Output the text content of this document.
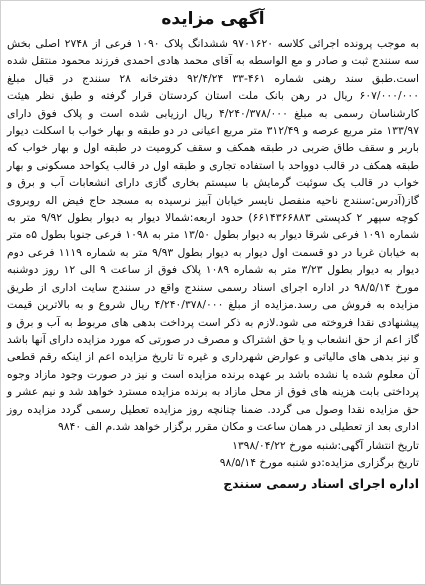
آگهی مزایده

به موجب پرونده اجرائی کلاسه ۹۷۰۱۶۲۰ ششدانگ پلاک ۱۰۹۰ فرعی از ۲۷۴۸ اصلی بخش سه سنندج ثبت و صادر و مع الواسطه به آقای محمد هادی احمدی فرزند محمود منتقل شده است.طبق سند رهنی شماره ۴۶۱-۳۳ ۹۲/۴/۲۴ دفترخانه ۲۸ سنندج در قبال مبلغ ۶۰۷/۰۰۰/۰۰۰ ریال در رهن بانک ملت استان کردستان قرار گرفته و طبق نظر هیئت کارشناسان رسمی به مبلغ ۴/۲۴۰/۳۷۸/۰۰۰ ریال ارزیابی شده است و پلاک فوق دارای ۱۳۳/۹۷ متر مربع عرصه و ۳۱۲/۴۹ متر مربع اعیانی در دو طبقه و بهار خواب با اسکلت دیوار باربر و سقف طاق ضربی در طبقه همکف و سقف کرومیت در طبقه اول و بهار خواب که طبقه همکف در قالب دوواحد با استفاده تجاری و طبقه اول در قالب یکواحد مسکونی و بهار خواب در قالب یک سوئیت گرمایش با سیستم بخاری گازی دارای انشعابات آب و برق و گاز(آدرس:سنندج ناحیه منفصل نایسر خیابان آبیز نرسیده به مسجد حاج فیض اله روبروی کوچه سپهر ۲ کدپستی ۶۶۱۴۳۶۶۸۸۳) حدود اربعه:شمالا دیوار به دیوار بطول ۹/۹۲ متر به شماره ۱۰۹۱ فرعی شرقا دیوار به دیوار بطول ۱۳/۵۰ متر به ۱۰۹۸ فرعی جنوبا بطول ۵ه متر به خیابان غربا در دو قسمت اول دیوار به دیوار بطول ۹/۹۳ متر به شماره ۱۱۱۹ فرعی دوم دیوار به دیوار بطول ۳/۲۳ متر به شماره ۱۰۸۹ پلاک فوق از ساعت ۹ الی ۱۲ روز دوشنبه مورخ ۹۸/۵/۱۴ در اداره اجرای اسناد رسمی سنندج واقع در سنندج سایت اداری از طریق مزایده به فروش می رسد.مزایده از مبلغ ۴/۲۴۰/۳۷۸/۰۰۰ ریال شروع و به بالاترین قیمت پیشنهادی نقدا فروخته می شود.لازم به ذکر است پرداخت بدهی های مربوط به آب و برق و گاز اعم از حق انشعاب و یا حق اشتراک و مصرف در صورتی که مورد مزایده دارای آنها باشد و نیز بدهی های مالیاتی و عوارض شهرداری و غیره تا تاریخ مزایده اعم از اینکه رقم قطعی آن معلوم شده یا نشده باشد بر عهده برنده مزایده است و نیز در صورت وجود مازاد وجوه پرداختی بابت هزینه های فوق از محل مازاد به برنده مزایده مسترد خواهد شد و نیم عشر و حق مزایده نقدا وصول می گردد. ضمنا چنانچه روز مزایده تعطیل رسمی گردد مزایده روز اداری بعد از تعطیلی در همان ساعت و مکان مقرر برگزار خواهد شد.م الف ۹۸۴۰

تاریخ انتشار آگهی:شنبه مورخ ۱۳۹۸/۰۴/۲۲
تاریخ برگزاری مزایده:دو شنبه مورخ ۹۸/۵/۱۴
اداره اجرای اسناد رسمی سنندج
